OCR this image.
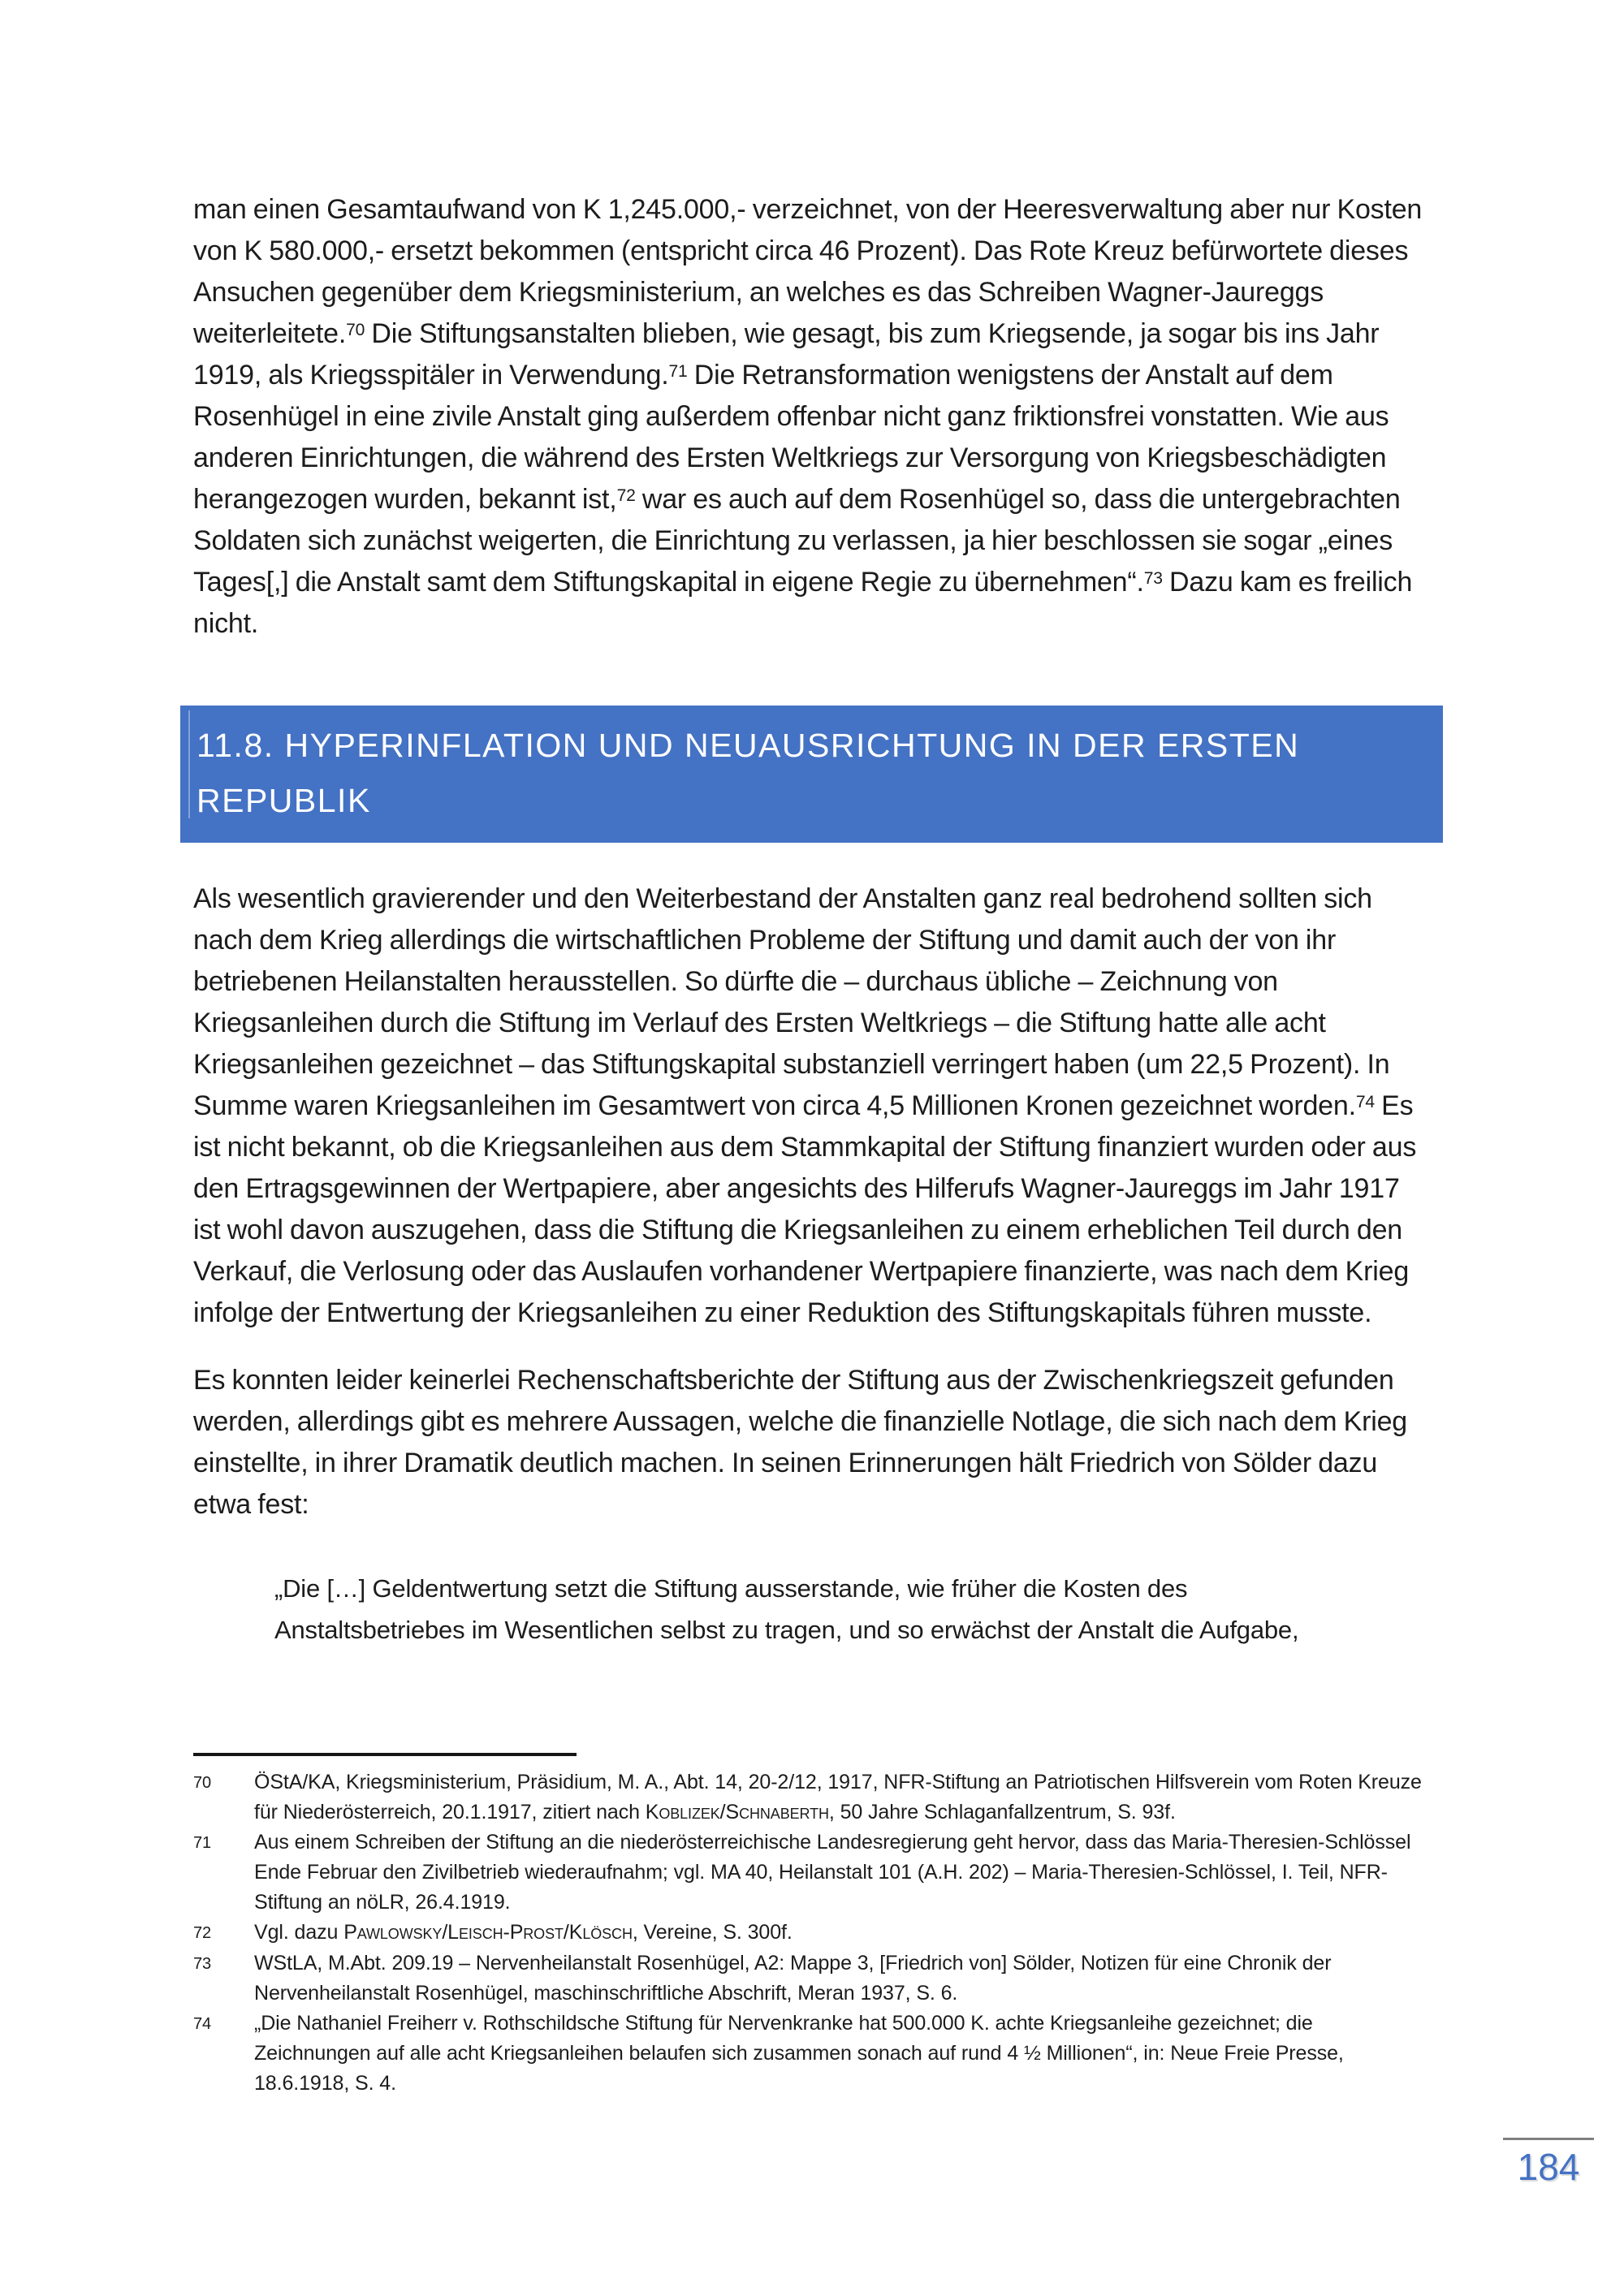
man einen Gesamtaufwand von K 1,245.000,- verzeichnet, von der Heeresverwaltung aber nur Kosten von K 580.000,- ersetzt bekommen (entspricht circa 46 Prozent). Das Rote Kreuz befürwortete dieses Ansuchen gegenüber dem Kriegsministerium, an welches es das Schreiben Wagner-Jaureggs weiterleitete.$^{70}$ Die Stiftungsanstalten blieben, wie gesagt, bis zum Kriegsende, ja sogar bis ins Jahr 1919, als Kriegsspitäler in Verwendung.$^{71}$ Die Retransformation wenigstens der Anstalt auf dem Rosenhügel in eine zivile Anstalt ging außerdem offenbar nicht ganz friktionsfrei vonstatten. Wie aus anderen Einrichtungen, die während des Ersten Weltkriegs zur Versorgung von Kriegsbeschädigten herangezogen wurden, bekannt ist,$^{72}$ war es auch auf dem Rosenhügel so, dass die untergebrachten Soldaten sich zunächst weigerten, die Einrichtung zu verlassen, ja hier beschlossen sie sogar „eines Tages[,] die Anstalt samt dem Stiftungskapital in eigene Regie zu übernehmen“.$^{73}$ Dazu kam es freilich nicht.

11.8. HYPERINFLATION UND NEUAUSRICHTUNG IN DER ERSTEN REPUBLIK

Als wesentlich gravierender und den Weiterbestand der Anstalten ganz real bedrohend sollten sich nach dem Krieg allerdings die wirtschaftlichen Probleme der Stiftung und damit auch der von ihr betriebenen Heilanstalten herausstellen. So dürfte die – durchaus übliche – Zeichnung von Kriegsanleihen durch die Stiftung im Verlauf des Ersten Weltkriegs – die Stiftung hatte alle acht Kriegsanleihen gezeichnet – das Stiftungskapital substanziell verringert haben (um 22,5 Prozent). In Summe waren Kriegsanleihen im Gesamtwert von circa 4,5 Millionen Kronen gezeichnet worden.$^{74}$ Es ist nicht bekannt, ob die Kriegsanleihen aus dem Stammkapital der Stiftung finanziert wurden oder aus den Ertragsgewinnen der Wertpapiere, aber angesichts des Hilferufs Wagner-Jaureggs im Jahr 1917 ist wohl davon auszugehen, dass die Stiftung die Kriegsanleihen zu einem erheblichen Teil durch den Verkauf, die Verlosung oder das Auslaufen vorhandener Wertpapiere finanzierte, was nach dem Krieg infolge der Entwertung der Kriegsanleihen zu einer Reduktion des Stiftungskapitals führen musste.

Es konnten leider keinerlei Rechenschaftsberichte der Stiftung aus der Zwischenkriegszeit gefunden werden, allerdings gibt es mehrere Aussagen, welche die finanzielle Notlage, die sich nach dem Krieg einstellte, in ihrer Dramatik deutlich machen. In seinen Erinnerungen hält Friedrich von Sölder dazu etwa fest:

„Die […] Geldentwertung setzt die Stiftung ausserstande, wie früher die Kosten des Anstaltsbetriebes im Wesentlichen selbst zu tragen, und so erwächst der Anstalt die Aufgabe,

70	ÖStA/KA, Kriegsministerium, Präsidium, M. A., Abt. 14, 20-2/12, 1917, NFR-Stiftung an Patriotischen Hilfsverein vom Roten Kreuze für Niederösterreich, 20.1.1917, zitiert nach Koblizek/Schnaberth, 50 Jahre Schlaganfallzentrum, S. 93f.
71	Aus einem Schreiben der Stiftung an die niederösterreichische Landesregierung geht hervor, dass das Maria-Theresien-Schlössel Ende Februar den Zivilbetrieb wiederaufnahm; vgl. MA 40, Heilanstalt 101 (A.H. 202) – Maria-Theresien-Schlössel, I. Teil, NFR-Stiftung an nöLR, 26.4.1919.
72	Vgl. dazu Pawlowsky/Leisch-Prost/Klösch, Vereine, S. 300f.
73	WStLA, M.Abt. 209.19 – Nervenheilanstalt Rosenhügel, A2: Mappe 3, [Friedrich von] Sölder, Notizen für eine Chronik der Nervenheilanstalt Rosenhügel, maschinschriftliche Abschrift, Meran 1937, S. 6.
74	„Die Nathaniel Freiherr v. Rothschildsche Stiftung für Nervenkranke hat 500.000 K. achte Kriegsanleihe gezeichnet; die Zeichnungen auf alle acht Kriegsanleihen belaufen sich zusammen sonach auf rund 4 ½ Millionen“, in: Neue Freie Presse, 18.6.1918, S. 4.
184
